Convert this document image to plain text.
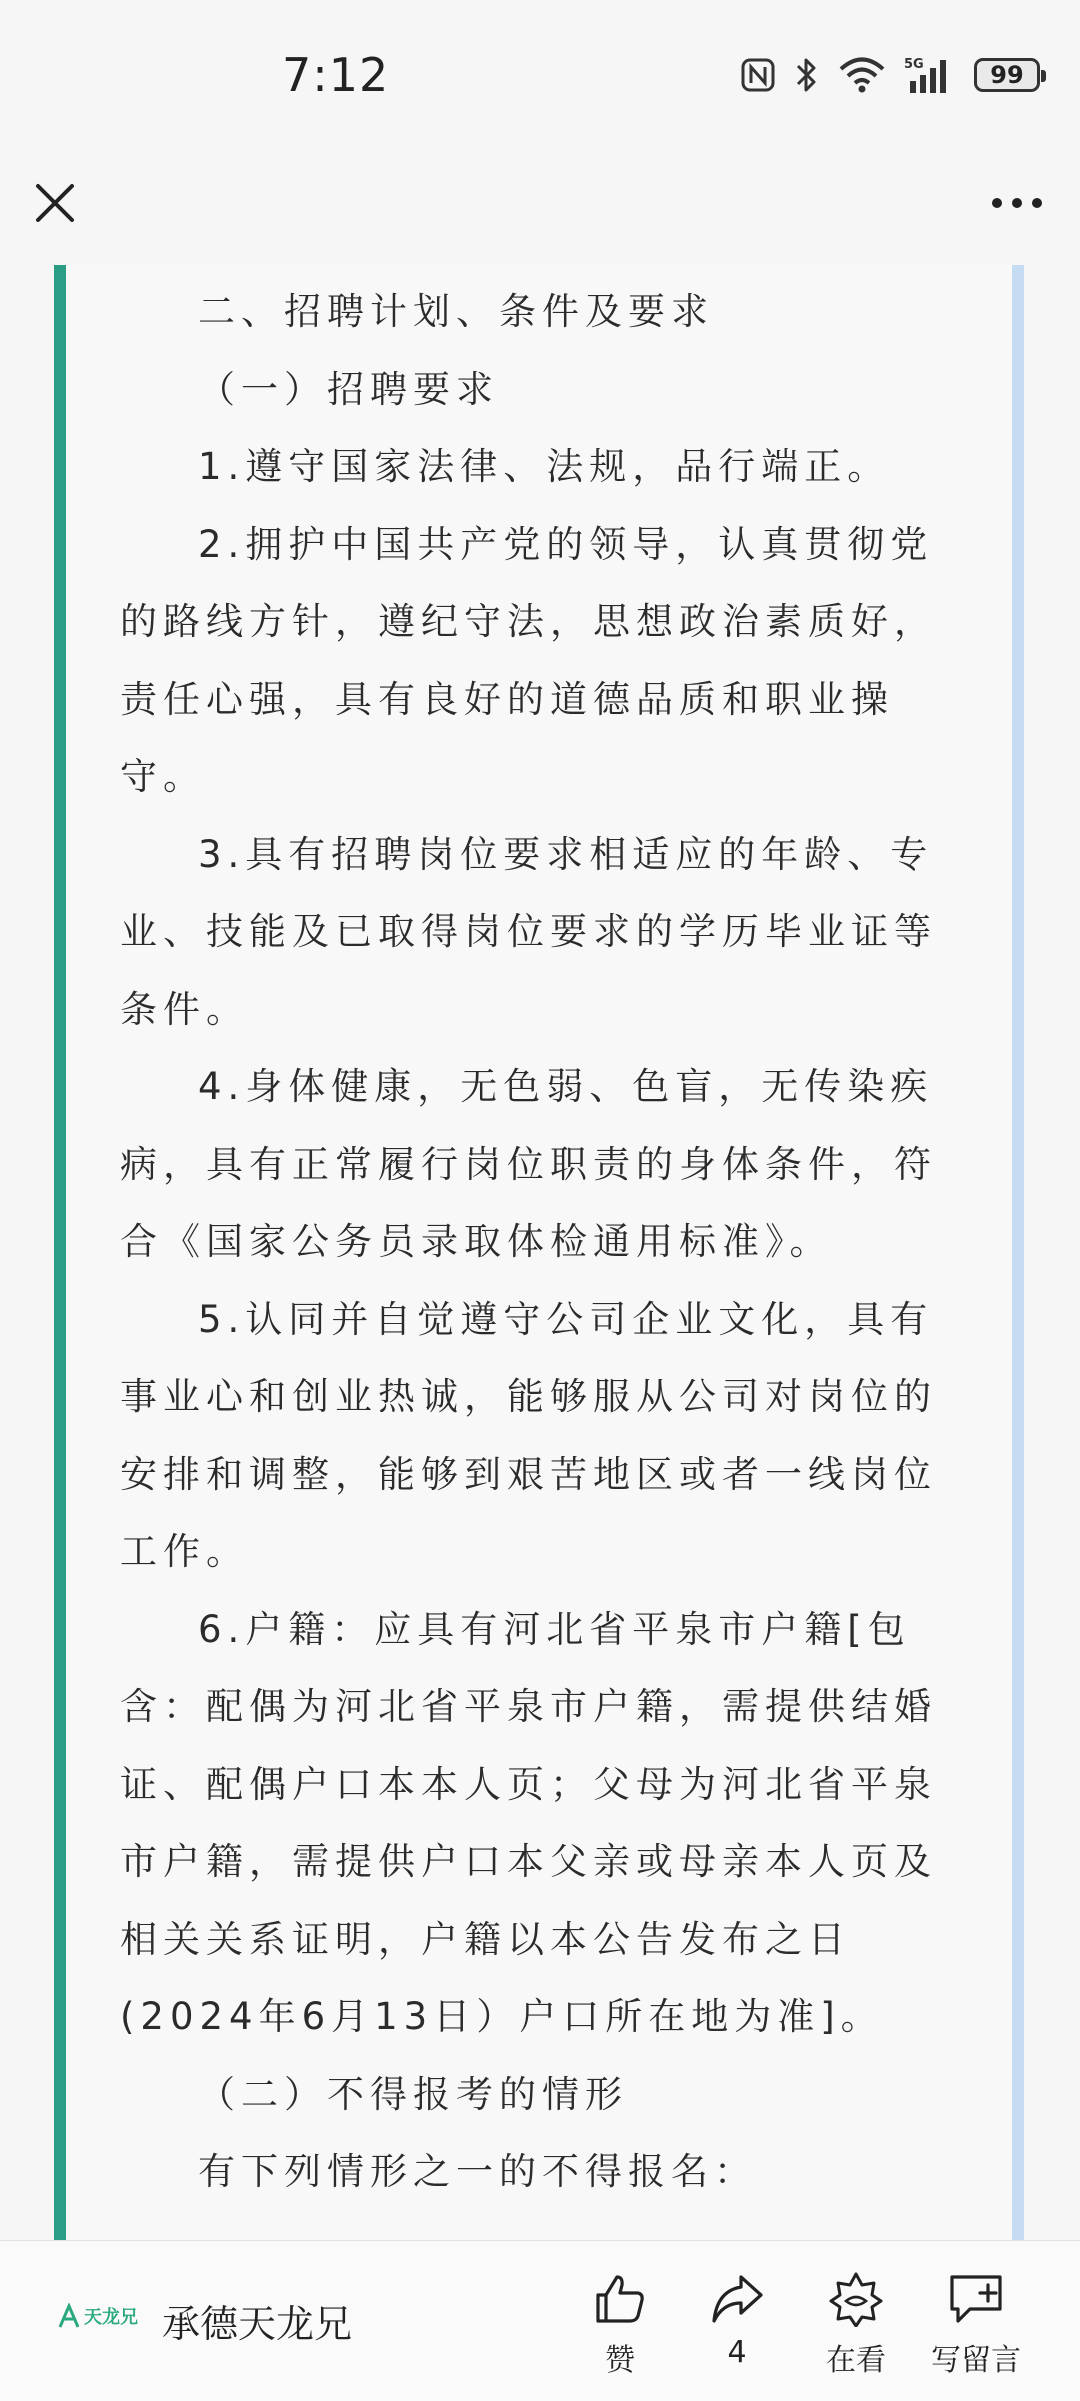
7:12	5G	99

二、招聘计划、条件及要求

（一）招聘要求

1.遵守国家法律、法规，品行端正。

2.拥护中国共产党的领导，认真贯彻党的路线方针，遵纪守法，思想政治素质好，责任心强，具有良好的道德品质和职业操守。

3.具有招聘岗位要求相适应的年龄、专业、技能及已取得岗位要求的学历毕业证等条件。

4.身体健康，无色弱、色盲，无传染疾病，具有正常履行岗位职责的身体条件，符合《国家公务员录取体检通用标准》。

5.认同并自觉遵守公司企业文化，具有事业心和创业热诚，能够服从公司对岗位的安排和调整，能够到艰苦地区或者一线岗位工作。

6.户籍：应具有河北省平泉市户籍[包含：配偶为河北省平泉市户籍，需提供结婚证、配偶户口本本人页；父母为河北省平泉市户籍，需提供户口本父亲或母亲本人页及相关关系证明，户籍以本公告发布之日(2024年6月13日）户口所在地为准]。

（二）不得报考的情形

有下列情形之一的不得报名：

天龙兄 承德天龙兄
赞	4	在看 写留言
